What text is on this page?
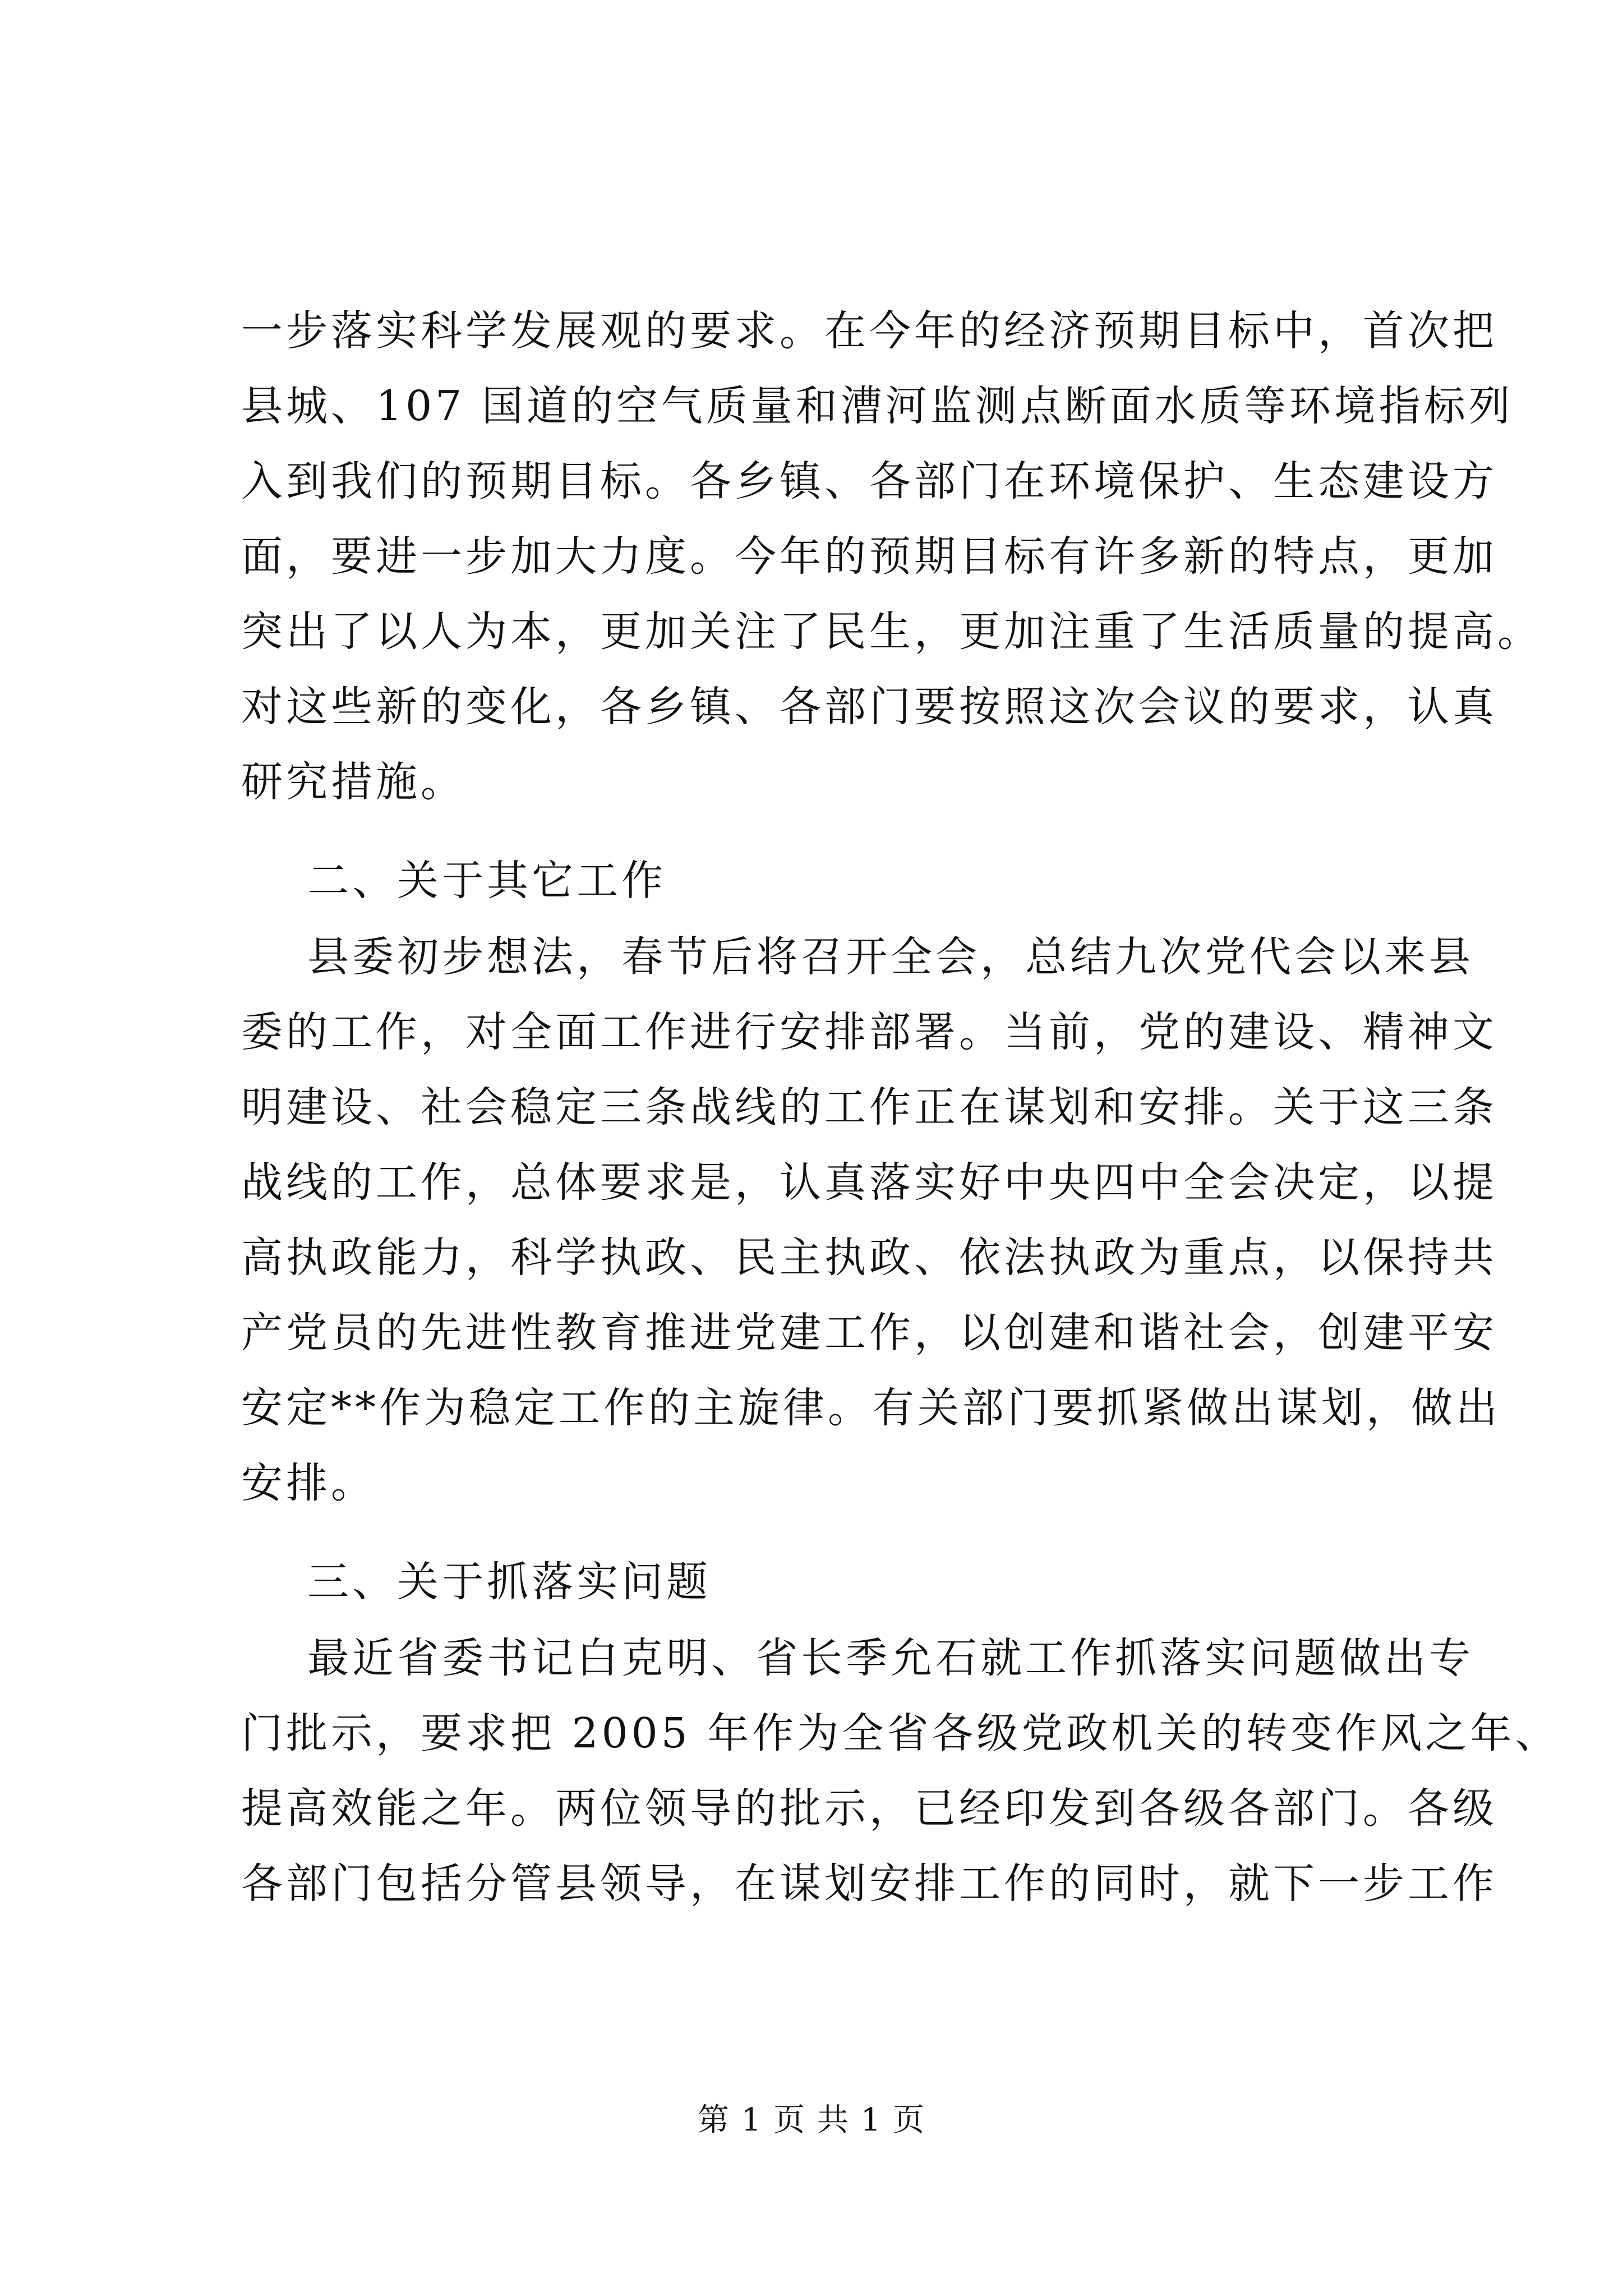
一步落实科学发展观的要求。在今年的经济预期目标中，首次把
县城、107 国道的空气质量和漕河监测点断面水质等环境指标列
入到我们的预期目标。各乡镇、各部门在环境保护、生态建设方
面，要进一步加大力度。今年的预期目标有许多新的特点，更加
突出了以人为本，更加关注了民生，更加注重了生活质量的提高。
对这些新的变化，各乡镇、各部门要按照这次会议的要求，认真
研究措施。
二、关于其它工作
县委初步想法，春节后将召开全会，总结九次党代会以来县
委的工作，对全面工作进行安排部署。当前，党的建设、精神文
明建设、社会稳定三条战线的工作正在谋划和安排。关于这三条
战线的工作，总体要求是，认真落实好中央四中全会决定，以提
高执政能力，科学执政、民主执政、依法执政为重点，以保持共
产党员的先进性教育推进党建工作，以创建和谐社会，创建平安
安定**作为稳定工作的主旋律。有关部门要抓紧做出谋划，做出
安排。
三、关于抓落实问题
最近省委书记白克明、省长季允石就工作抓落实问题做出专
门批示，要求把 2005 年作为全省各级党政机关的转变作风之年、
提高效能之年。两位领导的批示，已经印发到各级各部门。各级
各部门包括分管县领导，在谋划安排工作的同时，就下一步工作
第 1 页 共 1 页
